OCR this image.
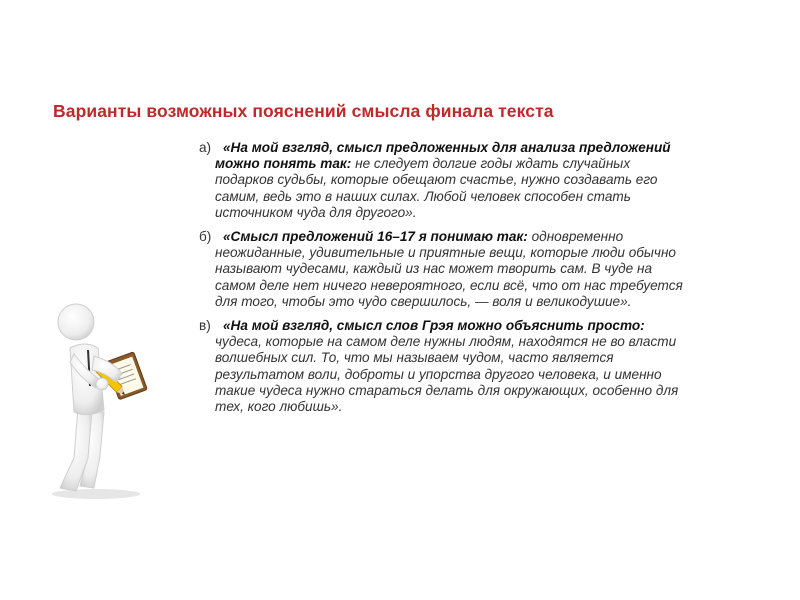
Варианты возможных пояснений смысла финала текста
а) «На мой взгляд, смысл предложенных для анализа предложений можно понять так: не следует долгие годы ждать случайных подарков судьбы, которые обещают счастье, нужно создавать его самим, ведь это в наших силах. Любой человек способен стать источником чуда для другого».
б) «Смысл предложений 16–17 я понимаю так: одновременно неожиданные, удивительные и приятные вещи, которые люди обычно называют чудесами, каждый из нас может творить сам. В чуде на самом деле нет ничего невероятного, если всё, что от нас требуется для того, чтобы это чудо свершилось, — воля и великодушие».
в) «На мой взгляд, смысл слов Грэя можно объяснить просто: чудеса, которые на самом деле нужны людям, находятся не во власти волшебных сил. То, что мы называем чудом, часто является результатом воли, доброты и упорства другого человека, и именно такие чудеса нужно стараться делать для окружающих, особенно для тех, кого любишь».
